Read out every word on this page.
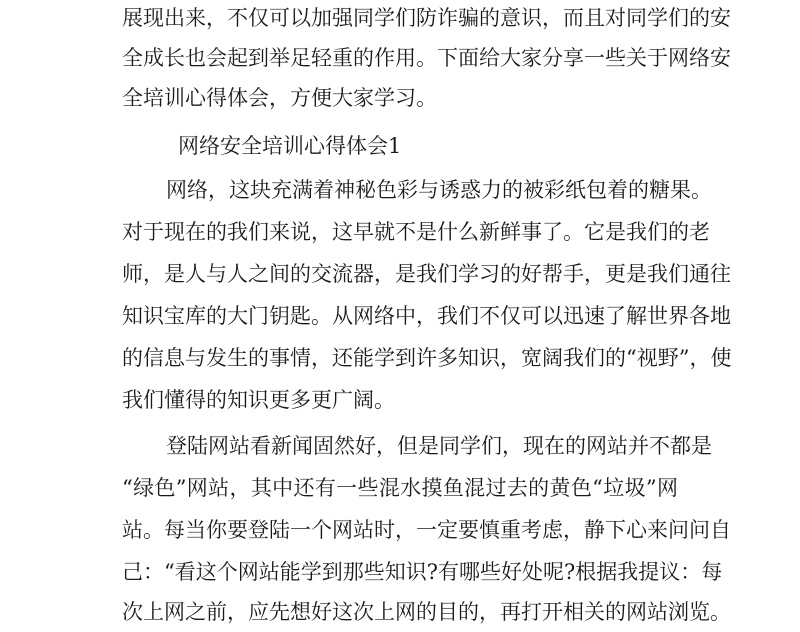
展现出来，不仅可以加强同学们防诈骗的意识，而且对同学们的安
全成长也会起到举足轻重的作用。下面给大家分享一些关于网络安
全培训心得体会，方便大家学习。
网络安全培训心得体会1
网络，这块充满着神秘色彩与诱惑力的被彩纸包着的糖果。
对于现在的我们来说，这早就不是什么新鲜事了。它是我们的老
师，是人与人之间的交流器，是我们学习的好帮手，更是我们通往
知识宝库的大门钥匙。从网络中，我们不仅可以迅速了解世界各地
的信息与发生的事情，还能学到许多知识，宽阔我们的“视野”，使
我们懂得的知识更多更广阔。
登陆网站看新闻固然好，但是同学们，现在的网站并不都是
“绿色”网站，其中还有一些混水摸鱼混过去的黄色“垃圾”网
站。每当你要登陆一个网站时，一定要慎重考虑，静下心来问问自
己：“看这个网站能学到那些知识?有哪些好处呢?根据我提议：每
次上网之前，应先想好这次上网的目的，再打开相关的网站浏览。
